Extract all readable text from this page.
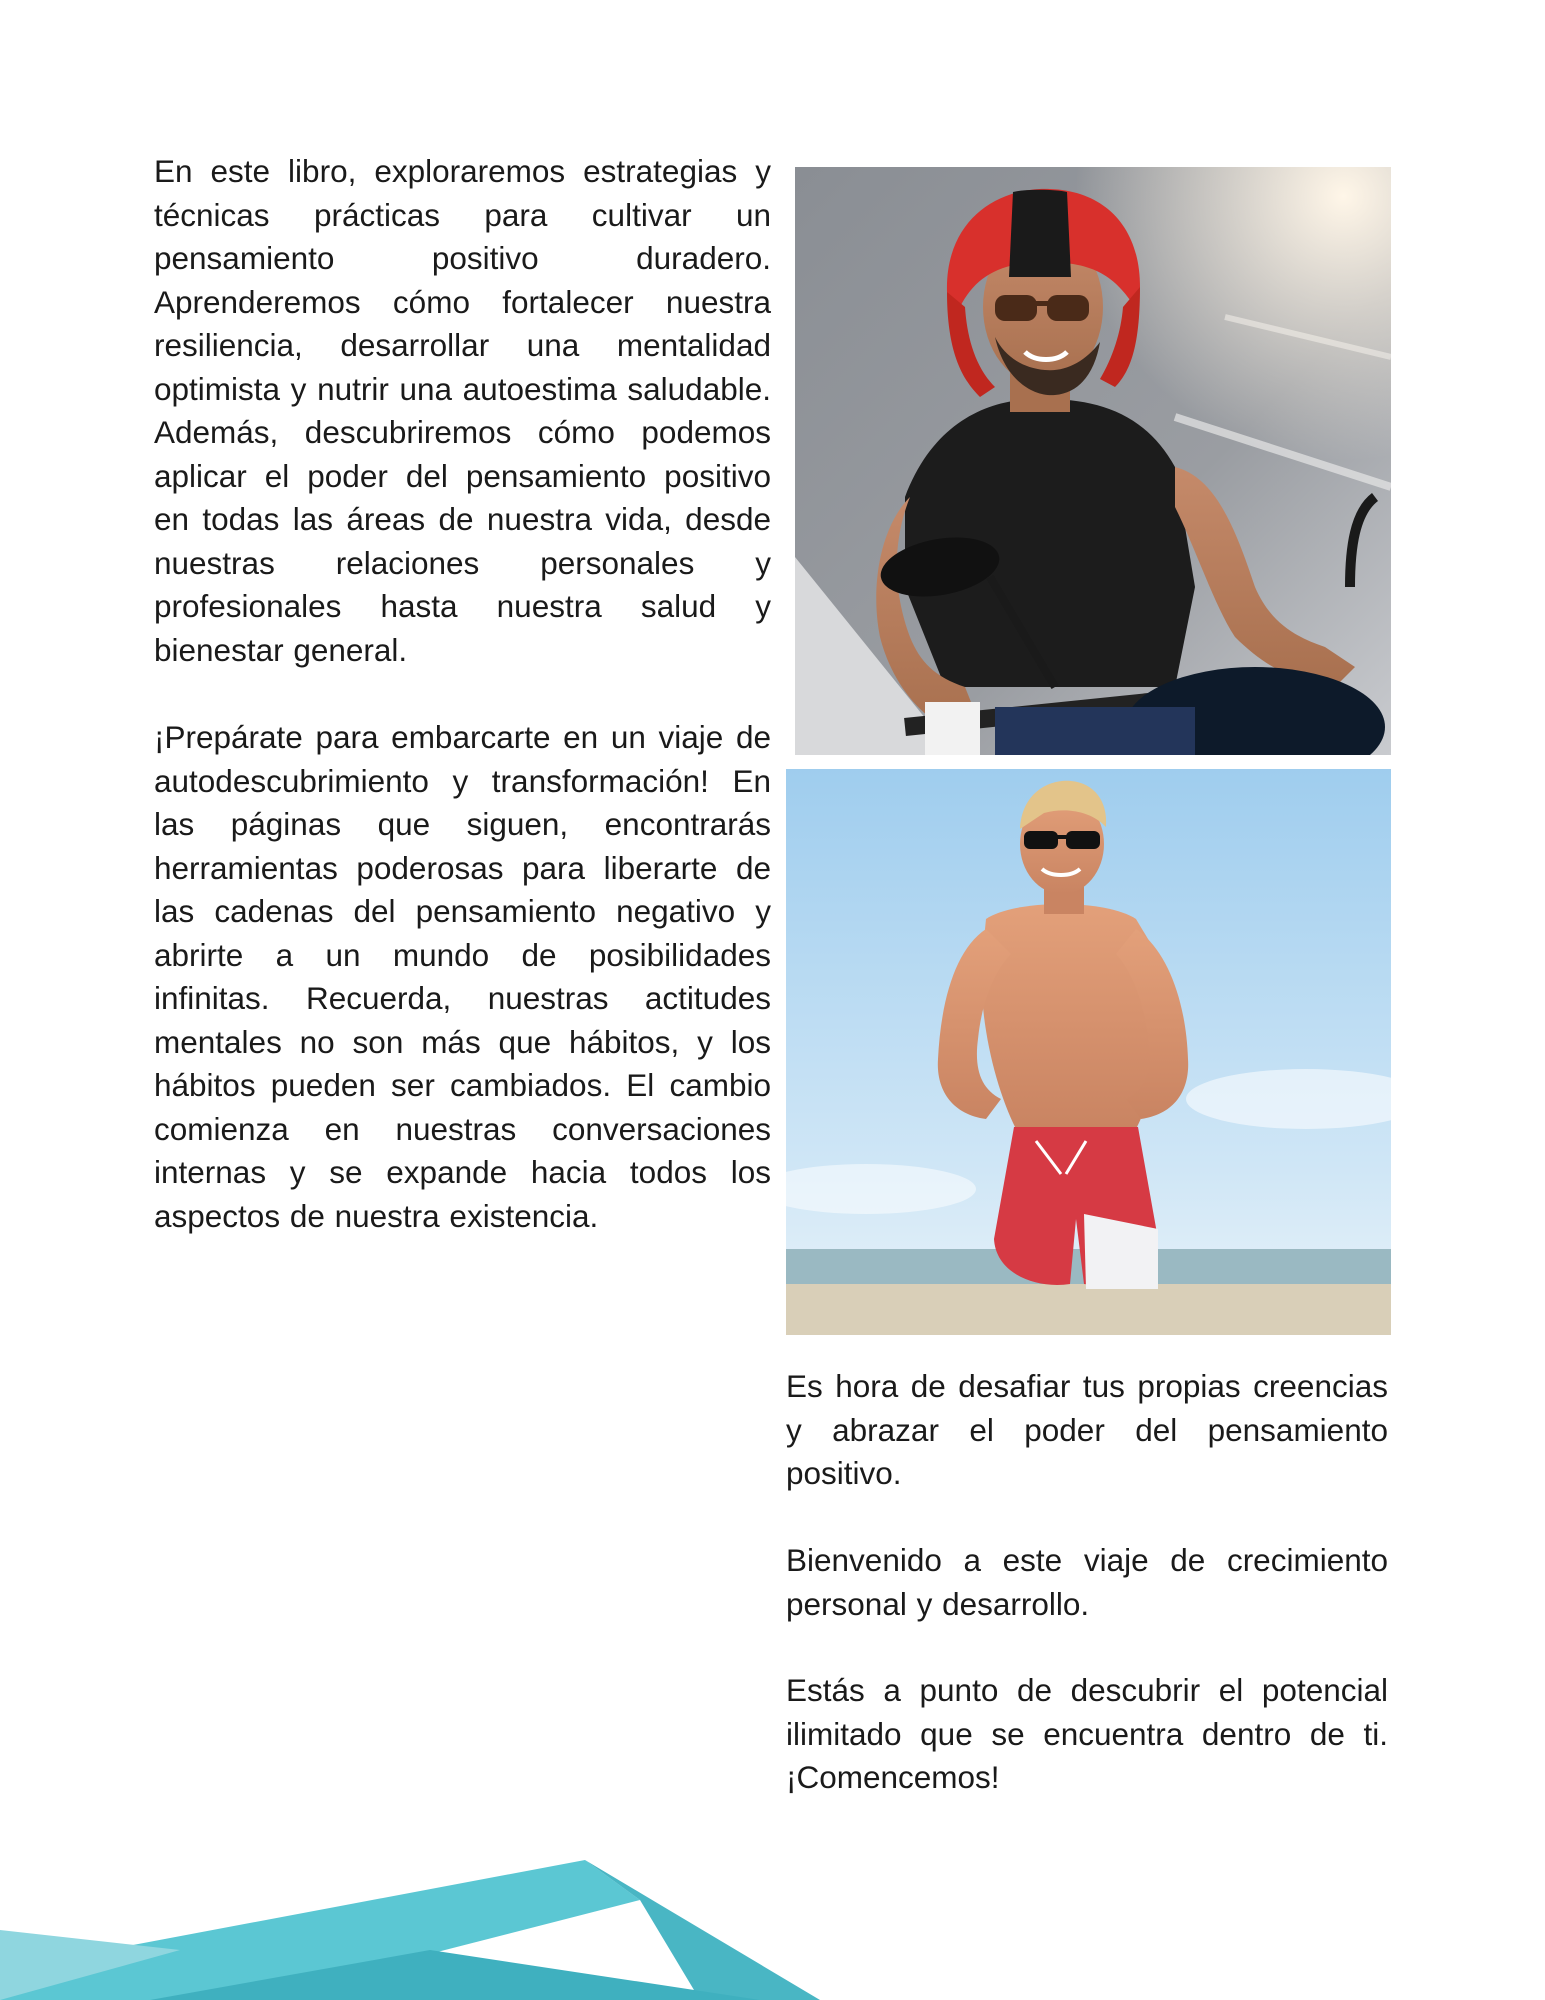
En este libro, exploraremos estrategias y técnicas prácticas para cultivar un pensamiento positivo duradero. Aprenderemos cómo fortalecer nuestra resiliencia, desarrollar una mentalidad optimista y nutrir una autoestima saludable. Además, descubriremos cómo podemos aplicar el poder del pensamiento positivo en todas las áreas de nuestra vida, desde nuestras relaciones personales y profesionales hasta nuestra salud y bienestar general.

¡Prepárate para embarcarte en un viaje de autodescubrimiento y transformación! En las páginas que siguen, encontrarás herramientas poderosas para liberarte de las cadenas del pensamiento negativo y abrirte a un mundo de posibilidades infinitas. Recuerda, nuestras actitudes mentales no son más que hábitos, y los hábitos pueden ser cambiados. El cambio comienza en nuestras conversaciones internas y se expande hacia todos los aspectos de nuestra existencia.

Es hora de desafiar tus propias creencias y abrazar el poder del pensamiento positivo.

Bienvenido a este viaje de crecimiento personal y desarrollo.

Estás a punto de descubrir el potencial ilimitado que se encuentra dentro de ti. ¡Comencemos!
